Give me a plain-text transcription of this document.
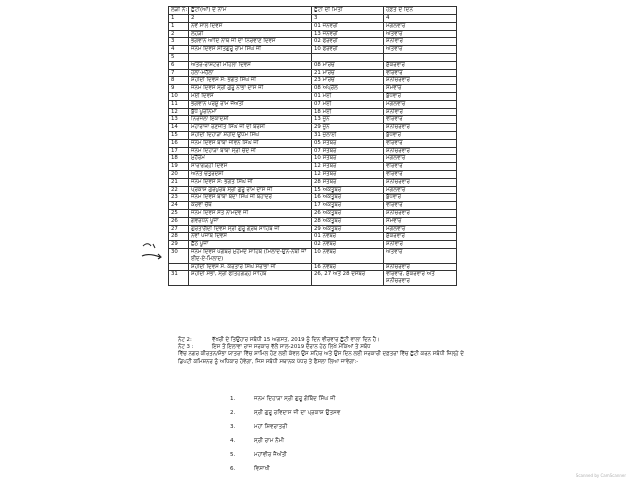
ਲੜੀ ਨੰ:	ਛੁੱਟੀ(ਆਂ) ਦੇ ਨਾਮ	ਛੁੱਟੀ ਦੀ ਮਿਤੀ	ਹਫ਼ਤੇ ਦੇ ਦਿਨ
1	2	3	4
1	ਨਵੇਂ ਸਾਲ ਦਿਵਸ	01 ਜਨਵਰੀ	ਮੰਗਲਵਾਰ
2	ਲੋਹੜੀ	13 ਜਨਵਰੀ	ਐਤਵਾਰ
3	ਭਗਵਾਨ ਆਦਿ ਨਾਥ ਜੀ ਦਾ ਨਿਰਵਾਣ ਦਿਵਸ	02 ਫਰਵਰੀ	ਸ਼ਨੀਵਾਰ
4	ਜਨਮ ਦਿਵਸ ਸਤਿਗੁਰੂ ਰਾਮ ਸਿੰਘ ਜੀ	10 ਫਰਵਰੀ	ਐਤਵਾਰ
5			
6	ਅੰਤਰ-ਰਾਸ਼ਟਰੀ ਮਹਿਲਾ ਦਿਵਸ	08 ਮਾਰਚ	ਸ਼ੁੱਕਰਵਾਰ
7	ਹੋਲਾ-ਮਹੱਲਾ	21 ਮਾਰਚ	ਵੀਰਵਾਰ
8	ਸ਼ਹੀਦੀ ਦਿਵਸ ਸ: ਭਗਤ ਸਿੰਘ ਜੀ	23 ਮਾਰਚ	ਸ਼ਨੀਚਰਵਾਰ
9	ਜਨਮ ਦਿਵਸ ਸ੍ਰੀ ਗੁਰੂ ਨਾਭਾ ਦਾਸ ਜੀ	08 ਅਪ੍ਰੈਲ	ਸੋਮਵਾਰ
10	ਮਈ ਦਿਵਸ	01 ਮਈ	ਬੁੱਧਵਾਰ
11	ਭਗਵਾਨ ਪਰਸ਼ੂ ਰਾਮ ਜੈਅੰਤੀ	07 ਮਈ	ਮੰਗਲਵਾਰ
12	ਬੁੱਧ ਪੂਰਨਿਮਾ	18 ਮਈ	ਸ਼ਨੀਵਾਰ
13	ਨਿਰਜਲਾ ਇਕਾਦਸ਼ੀ	13 ਜੂਨ	ਵੀਰਵਾਰ
14	ਮਹਾਰਾਜਾ ਰਣਜੀਤ ਸਿੰਘ ਜੀ ਦੀ ਬਰਸੀ	29 ਜੂਨ	ਸ਼ਨੀਚਰਵਾਰ
15	ਸ਼ਹੀਦੀ ਦਿਹਾੜਾ ਸ਼ਹੀਦ ਊਧਮ ਸਿੰਘ	31 ਜੁਲਾਈ	ਬੁੱਧਵਾਰ
16	ਜਨਮ ਦਿਵਸ ਬਾਬਾ ਜੀਵਨ ਸਿੰਘ ਜੀ	05 ਸਤੰਬਰ	ਵੀਰਵਾਰ
17	ਜਨਮ ਦਿਹਾੜਾ ਬਾਬਾ ਸ੍ਰੀ ਚੰਦ ਜੀ	07 ਸਤੰਬਰ	ਸ਼ਨੀਚਰਵਾਰ
18	ਮੁਹੱਰਮ	10 ਸਤੰਬਰ	ਮੰਗਲਵਾਰ
19	ਸਾਰਾਗੜ੍ਹੀ ਦਿਵਸ	12 ਸਤੰਬਰ	ਵੀਰਵਾਰ
20	ਅਨੰਤ ਚਤੁਰਦਸ਼ੀ	12 ਸਤੰਬਰ	ਵੀਰਵਾਰ
21	ਜਨਮ ਦਿਵਸ ਸ: ਭਗਤ ਸਿੰਘ ਜੀ	28 ਸਤੰਬਰ	ਸ਼ਨੀਚਰਵਾਰ
22	ਪ੍ਰਕਾਸ਼ ਗੁਰਪੁਰਬ ਸ੍ਰੀ ਗੁਰੂ ਰਾਮ ਦਾਸ ਜੀ	15 ਅਕਤੂਬਰ	ਮੰਗਲਵਾਰ
23	ਜਨਮ ਦਿਵਸ ਬਾਬਾ ਬੰਦਾ ਸਿੰਘ ਜੀ ਬਹਾਦਰ	16 ਅਕਤੂਬਰ	ਬੁੱਧਵਾਰ
24	ਕਰਵਾ ਚੌਥ	17 ਅਕਤੂਬਰ	ਵੀਰਵਾਰ
25	ਜਨਮ ਦਿਵਸ ਸੰਤ ਨਾਮਦੇਵ ਜੀ	26 ਅਕਤੂਬਰ	ਸ਼ਨੀਚਰਵਾਰ
26	ਗੋਵਰਧਨ ਪੂਜਾ	28 ਅਕਤੂਬਰ	ਸੋਮਵਾਰ
27	ਗੁਰਤਾਗੱਦੀ ਦਿਵਸ ਸ੍ਰੀ ਗੁਰੂ ਗ੍ਰੰਥ ਸਾਹਿਬ ਜੀ	29 ਅਕਤੂਬਰ	ਮੰਗਲਵਾਰ
28	ਨਵਾਂ ਪੰਜਾਬ ਦਿਵਸ	01 ਨਵੰਬਰ	ਸ਼ੁੱਕਰਵਾਰ
29	ਛੱਠ ਪੂਜਾ	02 ਨਵੰਬਰ	ਸ਼ਨੀਵਾਰ
30	ਜਨਮ ਦਿਵਸ ਪੈਗੰਬਰ ਮੁਹੰਮਦ ਸਾਹਿਬ (ਮਿਲਾਦ-ਉਨ-ਨਬੀ ਜਾਂ ਈਦ-ਏ-ਮਿਲਾਦ)	10 ਨਵੰਬਰ	ਐਤਵਾਰ
	ਸ਼ਹੀਦੀ ਦਿਵਸ ਸ. ਕਰਤਾਰ ਸਿੰਘ ਸਰਾਭਾ ਜੀ	16 ਨਵੰਬਰ	ਸ਼ਨੀਚਰਵਾਰ
31	ਸ਼ਹੀਦੀ ਸਭਾ, ਸ੍ਰੀ ਫਤਿਹਗੜ੍ਹ ਸਾਹਿਬ	26, 27 ਅਤੇ 28 ਦਸੰਬਰ	ਵੀਰਵਾਰ, ਸ਼ੁੱਕਰਵਾਰ ਅਤੇ ਸ਼ਨੀਚਰਵਾਰ
ਨੋਟ 2:	ਵੱਖਰੀ ਦੇ ਤਿਉਹਾਰ ਸਬੰਧੀ 15 ਅਗਸਤ, 2019 ਨੂੰ ਦਿਨ ਵੀਰਵਾਰ ਛੁੱਟੀ ਵਾਲਾ ਦਿਨ ਹੈ।
ਨੋਟ 3 :	ਇਸ ਤੋਂ ਇਲਾਵਾ ਰਾਜ ਸਰਕਾਰ ਵੱਲੋਂ ਸਾਲ-2019 ਦੌਰਾਨ ਹੇਠ ਲਿਖੇ ਮੌਕਿਆਂ ਤੇ ਸਬੰਧ
ਵਿੱਚ ਨਗਰ ਕੀਰਤਨ/ਸ਼ੋਭਾ ਯਾਤਰਾ ਵਿੱਚ ਸ਼ਾਮਿਲ ਹੋਣ ਲਈ ਕੇਵਲ ਉਸ ਸ਼ਹਿਰ ਅਤੇ ਉਸ ਦਿਨ ਲਈ ਸਰਕਾਰੀ ਦਫ਼ਤਰਾਂ ਵਿੱਚ ਛੁੱਟੀ ਕਰਨ ਸਬੰਧੀ ਜ਼ਿਲ੍ਹੇ ਦੇ ਡਿਪਟੀ ਕਮਿਸ਼ਨਰ ਨੂੰ ਅਧਿਕਾਰ ਹੋਵੇਗਾ, ਜਿਸ ਸਬੰਧੀ ਸਥਾਨਕ ਪੱਧਰ ਤੇ ਫੈਸਲਾ ਲਿਆ ਜਾਵੇਗਾ:-
1.	ਜਨਮ ਦਿਹਾੜਾ ਸ੍ਰੀ ਗੁਰੂ ਗੋਬਿੰਦ ਸਿੰਘ ਜੀ
2.	ਸ੍ਰੀ ਗੁਰੂ ਰਵਿਦਾਸ ਜੀ ਦਾ ਪ੍ਰਕਾਸ਼ ਉਤਸਵ
3.	ਮਹਾਂ ਸ਼ਿਵਰਾਤਰੀ
4.	ਸ੍ਰੀ ਰਾਮ ਨੌਮੀ
5.	ਮਹਾਂਵੀਰ ਜੈਅੰਤੀ
6.	ਵਿਸਾਖੀ
Scanned by CamScanner
